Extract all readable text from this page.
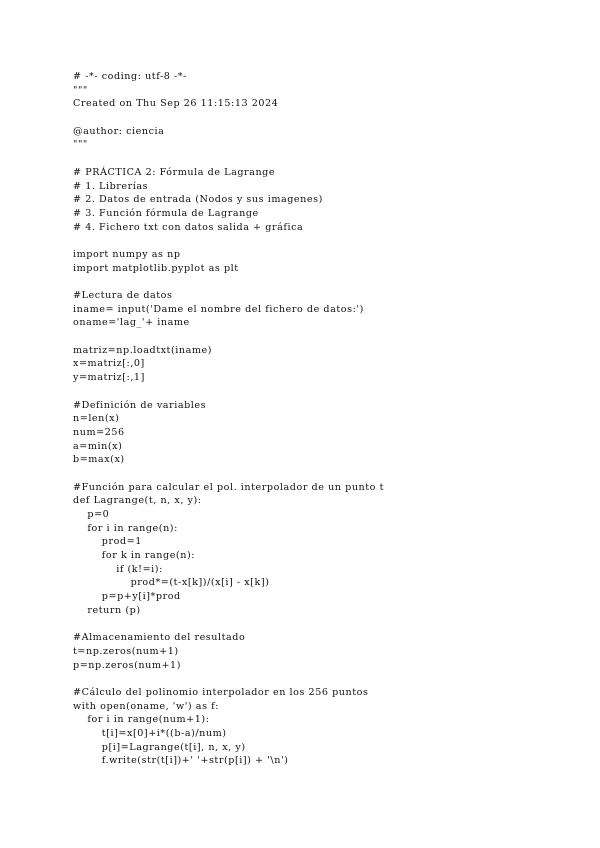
# -*- coding: utf-8 -*-
"""
Created on Thu Sep 26 11:15:13 2024
@author: ciencia
"""
# PRÁCTICA 2: Fórmula de Lagrange
# 1. Librerías
# 2. Datos de entrada (Nodos y sus imagenes)
# 3. Función fórmula de Lagrange
# 4. Fichero txt con datos salida + gráfica
import numpy as np
import matplotlib.pyplot as plt
#Lectura de datos
iname= input('Dame el nombre del fichero de datos:')
oname='lag_'+ iname
matriz=np.loadtxt(iname)
x=matriz[:,0]
y=matriz[:,1]
#Definición de variables
n=len(x)
num=256
a=min(x)
b=max(x)
#Función para calcular el pol. interpolador de un punto t
def Lagrange(t, n, x, y):
p=0
for i in range(n):
prod=1
for k in range(n):
if (k!=i):
prod*=(t-x[k])/(x[i] - x[k])
p=p+y[i]*prod
return (p)
#Almacenamiento del resultado
t=np.zeros(num+1)
p=np.zeros(num+1)
#Cálculo del polinomio interpolador en los 256 puntos
with open(oname, 'w') as f:
for i in range(num+1):
t[i]=x[0]+i*((b-a)/num)
p[i]=Lagrange(t[i], n, x, y)
f.write(str(t[i])+' '+str(p[i]) + '\n')
